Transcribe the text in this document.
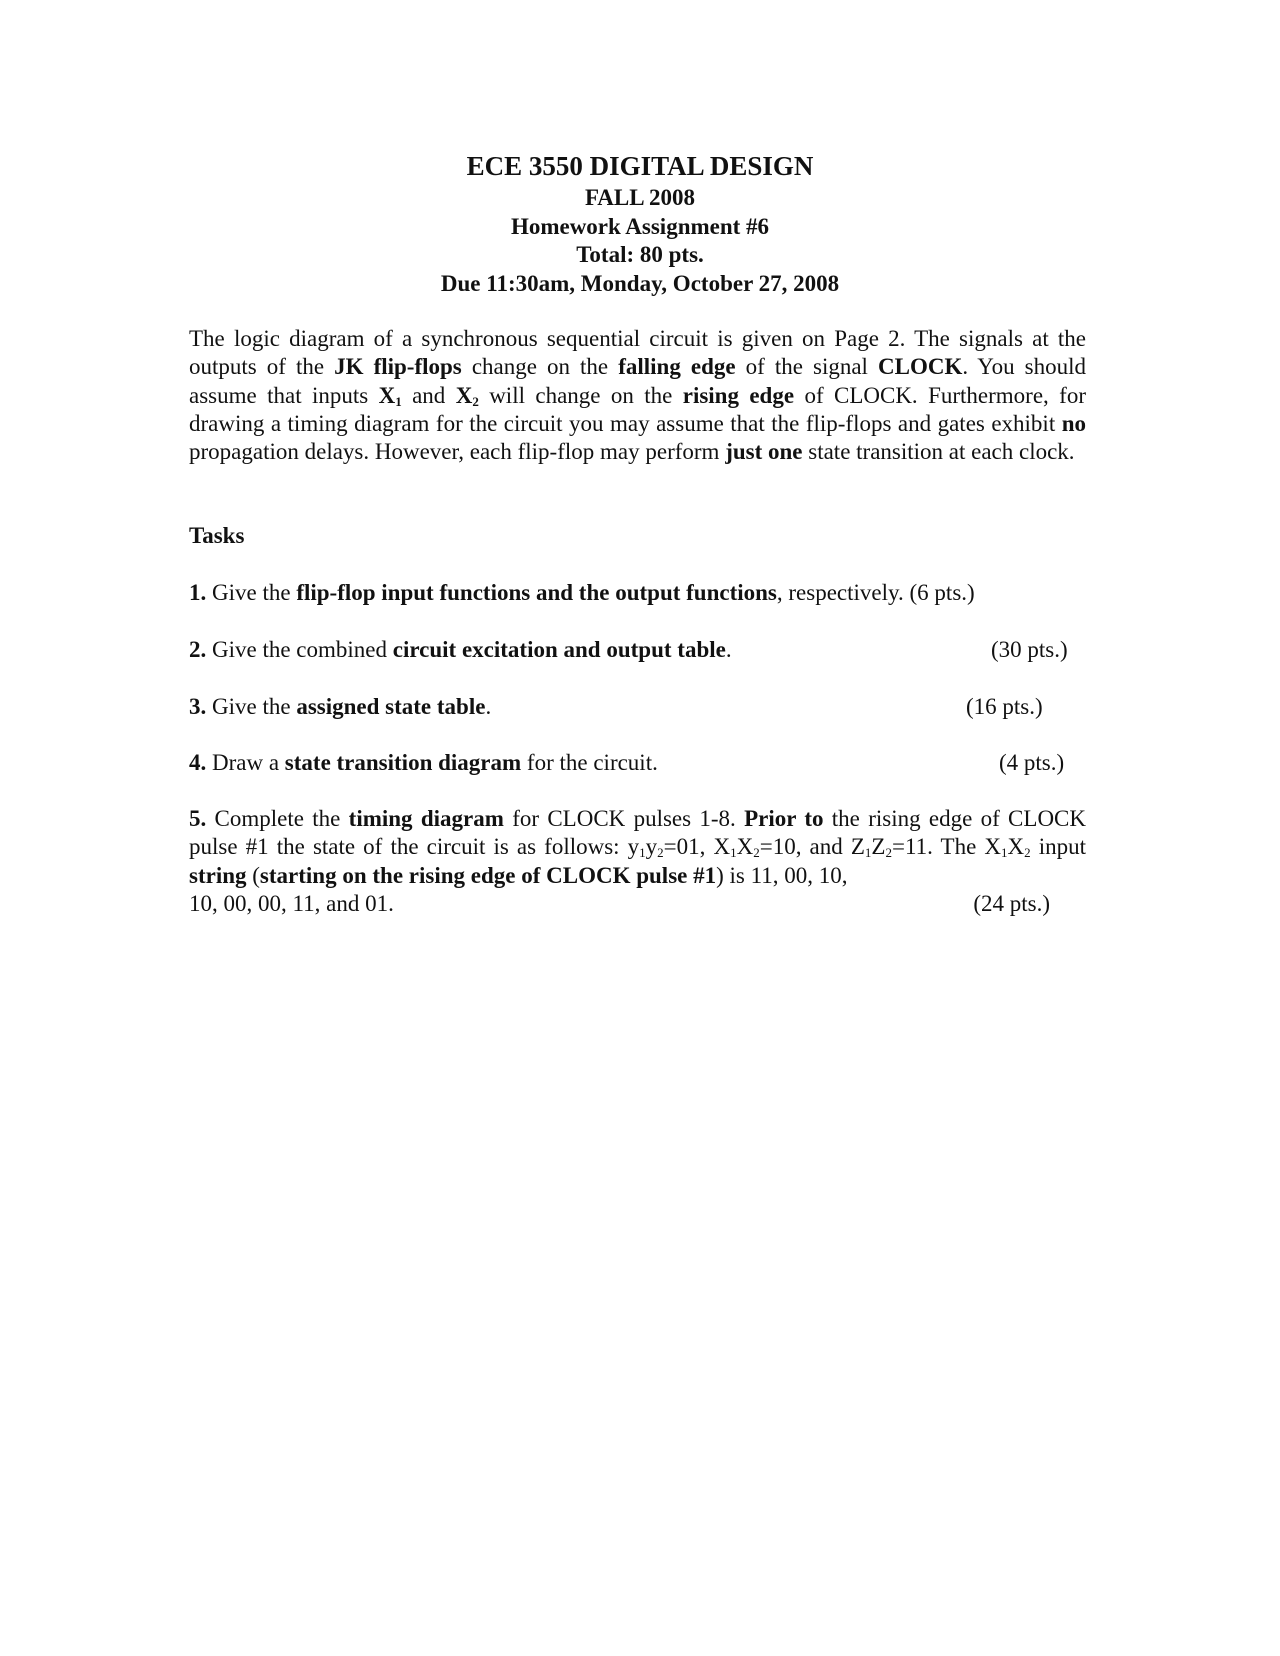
ECE 3550 DIGITAL DESIGN
FALL 2008
Homework Assignment #6
Total: 80 pts.
Due 11:30am, Monday, October 27, 2008
The logic diagram of a synchronous sequential circuit is given on Page 2. The signals at the outputs of the JK flip-flops change on the falling edge of the signal CLOCK. You should assume that inputs $X_1$ and $X_2$ will change on the rising edge of CLOCK. Furthermore, for drawing a timing diagram for the circuit you may assume that the flip-flops and gates exhibit no propagation delays. However, each flip-flop may perform just one state transition at each clock.
Tasks
1. Give the flip-flop input functions and the output functions, respectively. (6 pts.)
2. Give the combined circuit excitation and output table.	(30 pts.)
3. Give the assigned state table.	(16 pts.)
4. Draw a state transition diagram for the circuit.	(4 pts.)
5. Complete the timing diagram for CLOCK pulses 1-8. Prior to the rising edge of CLOCK pulse #1 the state of the circuit is as follows: $y_1y_2=01$, $X_1X_2=10$, and $Z_1Z_2=11$. The $X_1X_2$ input string (starting on the rising edge of CLOCK pulse #1) is 11, 00, 10,
10, 00, 00, 11, and 01.	(24 pts.)
